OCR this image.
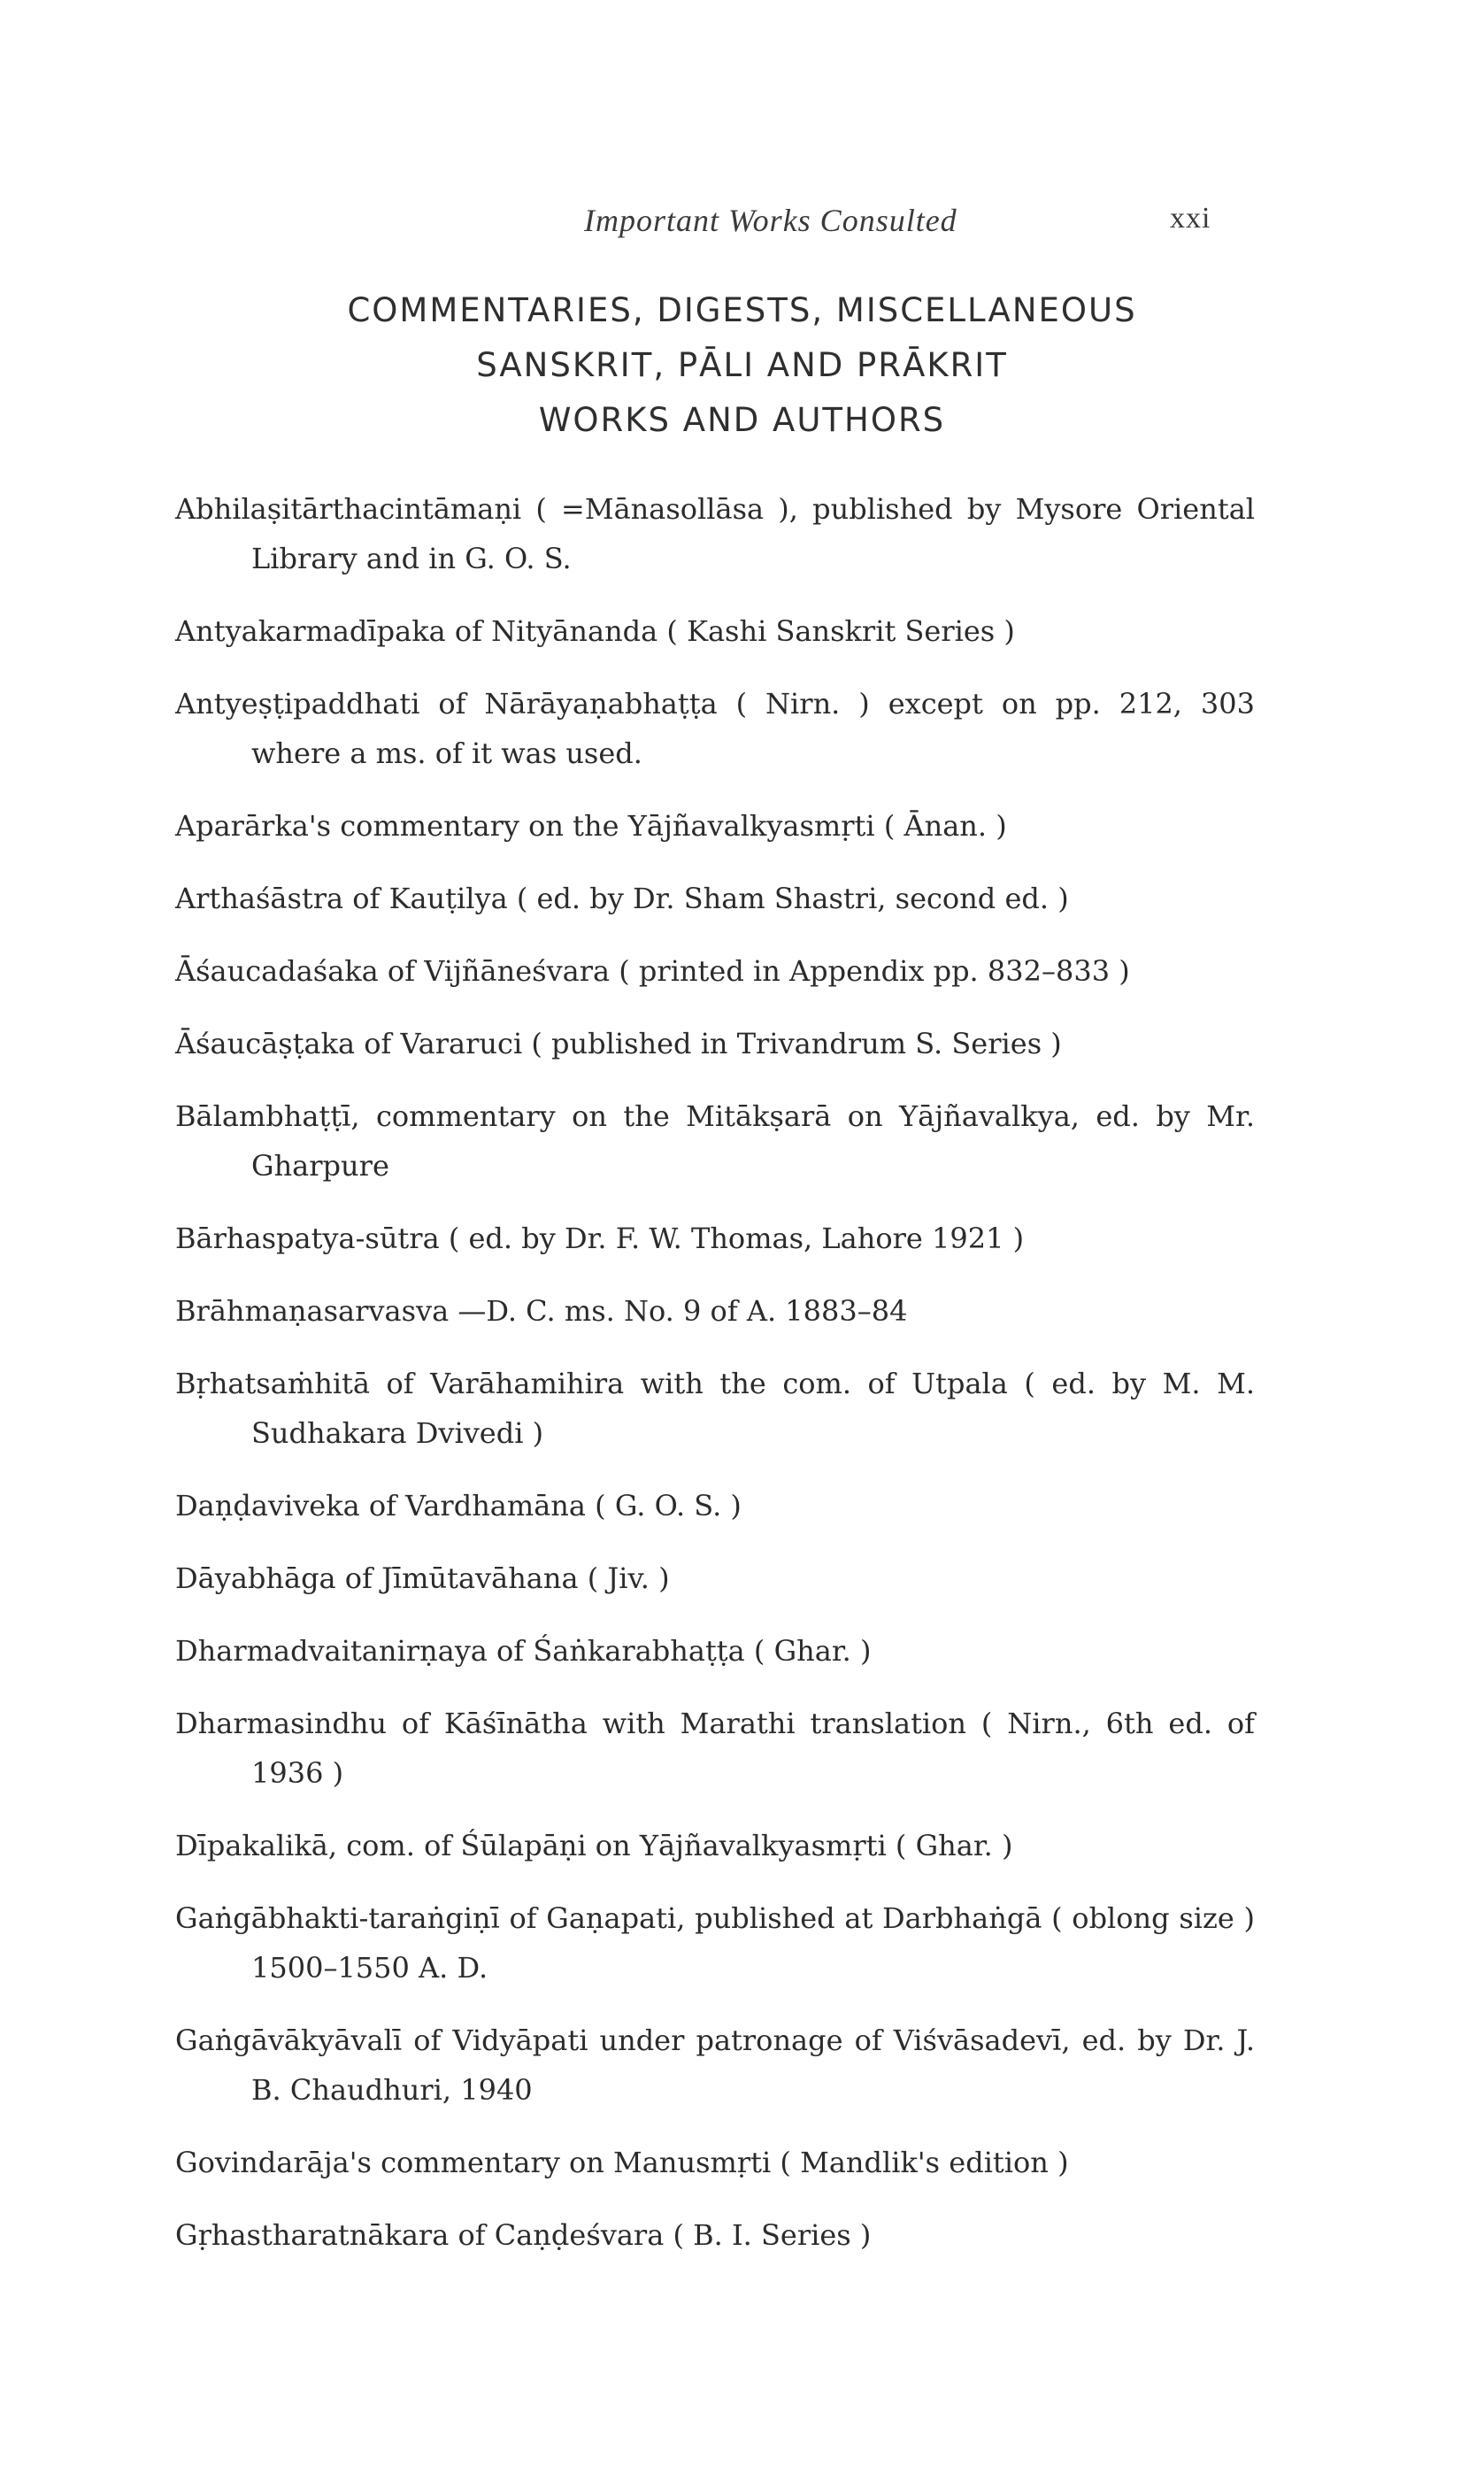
Important Works Consulted	xxi
COMMENTARIES, DIGESTS, MISCELLANEOUS
SANSKRIT, PĀLI AND PRĀKRIT
WORKS AND AUTHORS

Abhilaṣitārthacintāmaṇi ( =Mānasollāsa ), published by Mysore Oriental Library and in G. O. S.

Antyakarmadīpaka of Nityānanda ( Kashi Sanskrit Series )

Antyeṣṭipaddhati of Nārāyaṇabhaṭṭa ( Nirn. ) except on pp. 212, 303 where a ms. of it was used.

Aparārka's commentary on the Yājñavalkyasmṛti ( Ānan. )

Arthaśāstra of Kauṭilya ( ed. by Dr. Sham Shastri, second ed. )

Āśaucadaśaka of Vijñāneśvara ( printed in Appendix pp. 832–833 )

Āśaucāṣṭaka of Vararuci ( published in Trivandrum S. Series )

Bālambhaṭṭī, commentary on the Mitākṣarā on Yājñavalkya, ed. by Mr. Gharpure

Bārhaspatya-sūtra ( ed. by Dr. F. W. Thomas, Lahore 1921 )

Brāhmaṇasarvasva —D. C. ms. No. 9 of A. 1883–84

Bṛhatsaṁhitā of Varāhamihira with the com. of Utpala ( ed. by M. M. Sudhakara Dvivedi )

Daṇḍaviveka of Vardhamāna ( G. O. S. )

Dāyabhāga of Jīmūtavāhana ( Jiv. )

Dharmadvaitanirṇaya of Śaṅkarabhaṭṭa ( Ghar. )

Dharmasindhu of Kāśīnātha with Marathi translation ( Nirn., 6th ed. of 1936 )

Dīpakalikā, com. of Śūlapāṇi on Yājñavalkyasmṛti ( Ghar. )

Gaṅgābhakti-taraṅgiṇī of Gaṇapati, published at Darbhaṅgā ( oblong size ) 1500–1550 A. D.

Gaṅgāvākyāvalī of Vidyāpati under patronage of Viśvāsadevī, ed. by Dr. J. B. Chaudhuri, 1940

Govindarāja's commentary on Manusmṛti ( Mandlik's edition )

Gṛhastharatnākara of Caṇḍeśvara ( B. I. Series )
